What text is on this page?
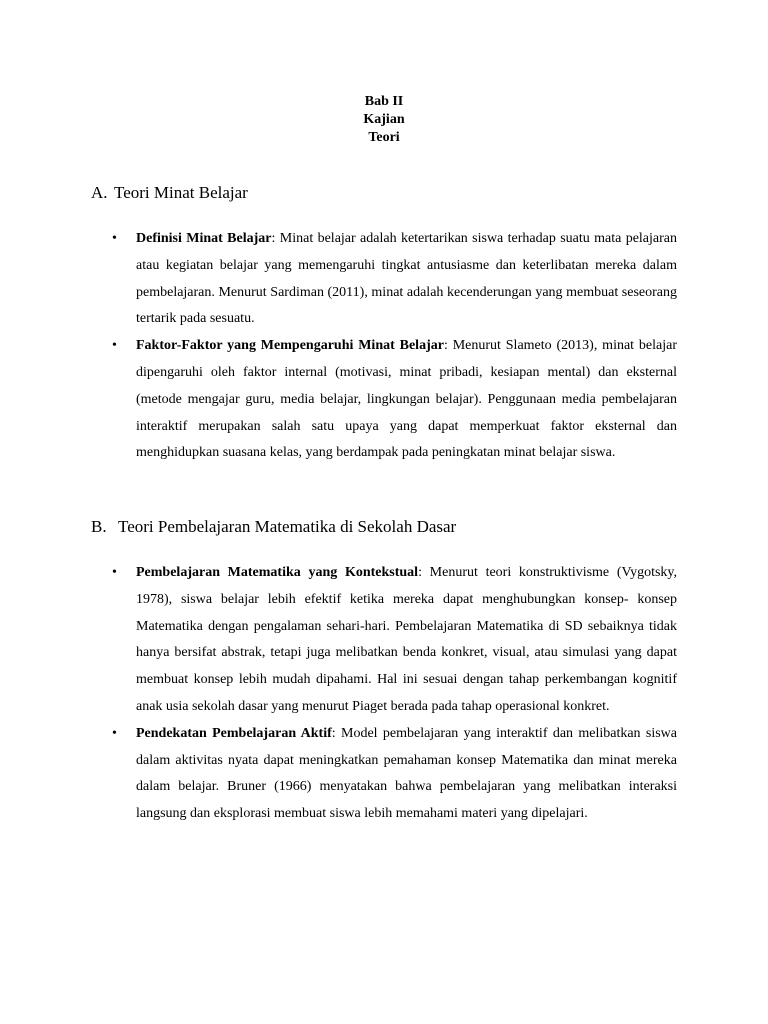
Bab II
Kajian
Teori
A. Teori Minat Belajar
•	Definisi Minat Belajar: Minat belajar adalah ketertarikan siswa terhadap suatu mata pelajaran atau kegiatan belajar yang memengaruhi tingkat antusiasme dan keterlibatan mereka dalam pembelajaran. Menurut Sardiman (2011), minat adalah kecenderungan yang membuat seseorang tertarik pada sesuatu.
•	Faktor-Faktor yang Mempengaruhi Minat Belajar: Menurut Slameto (2013), minat belajar dipengaruhi oleh faktor internal (motivasi, minat pribadi, kesiapan mental) dan eksternal (metode mengajar guru, media belajar, lingkungan belajar). Penggunaan media pembelajaran interaktif merupakan salah satu upaya yang dapat memperkuat faktor eksternal dan menghidupkan suasana kelas, yang berdampak pada peningkatan minat belajar siswa.
B. Teori Pembelajaran Matematika di Sekolah Dasar
•	Pembelajaran Matematika yang Kontekstual: Menurut teori konstruktivisme (Vygotsky, 1978), siswa belajar lebih efektif ketika mereka dapat menghubungkan konsep- konsep Matematika dengan pengalaman sehari-hari. Pembelajaran Matematika di SD sebaiknya tidak hanya bersifat abstrak, tetapi juga melibatkan benda konkret, visual, atau simulasi yang dapat membuat konsep lebih mudah dipahami. Hal ini sesuai dengan tahap perkembangan kognitif anak usia sekolah dasar yang menurut Piaget berada pada tahap operasional konkret.
•	Pendekatan Pembelajaran Aktif: Model pembelajaran yang interaktif dan melibatkan siswa dalam aktivitas nyata dapat meningkatkan pemahaman konsep Matematika dan minat mereka dalam belajar. Bruner (1966) menyatakan bahwa pembelajaran yang melibatkan interaksi langsung dan eksplorasi membuat siswa lebih memahami materi yang dipelajari.
